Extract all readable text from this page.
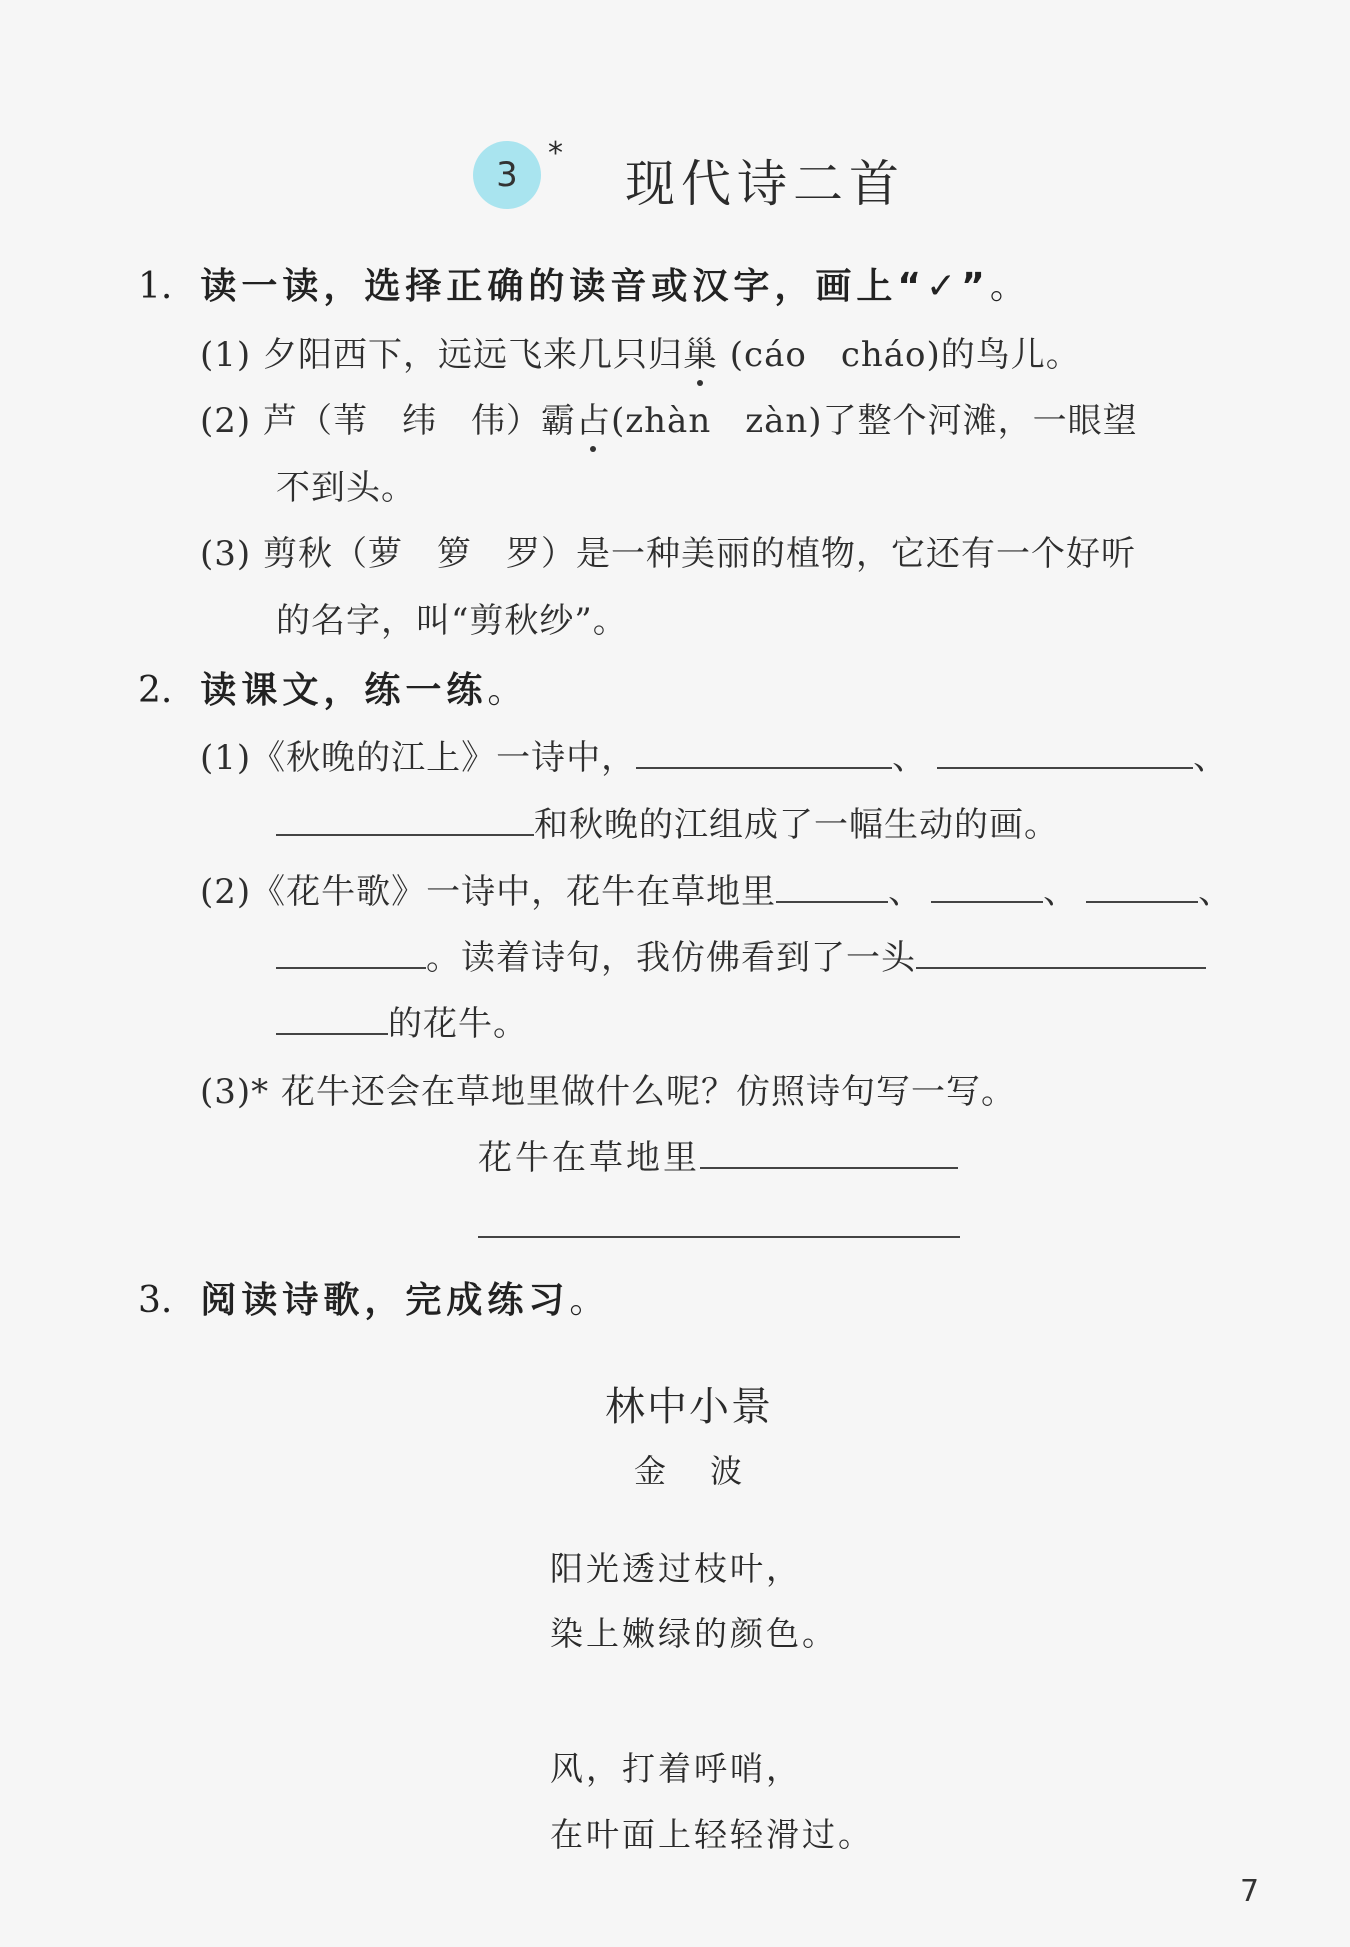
3
*
现代诗二首
1. 读一读，选择正确的读音或汉字，画上“✓”。
(1) 夕阳西下，远远飞来几只归巢 (cáo cháo)的鸟儿。
(2) 芦（苇 纬 伟）霸占(zhàn zàn)了整个河滩，一眼望
不到头。
(3) 剪秋（萝 箩 罗）是一种美丽的植物，它还有一个好听
的名字，叫“剪秋纱”。
2. 读课文，练一练。
(1)《秋晚的江上》一诗中，	、	、
和秋晚的江组成了一幅生动的画。
(2)《花牛歌》一诗中，花牛在草地里	、	、	、
。读着诗句，我仿佛看到了一头
的花牛。
(3)* 花牛还会在草地里做什么呢？仿照诗句写一写。
花牛在草地里
3. 阅读诗歌，完成练习。
林中小景
金 波
阳光透过枝叶，
染上嫩绿的颜色。
风，打着呼哨，
在叶面上轻轻滑过。
7
